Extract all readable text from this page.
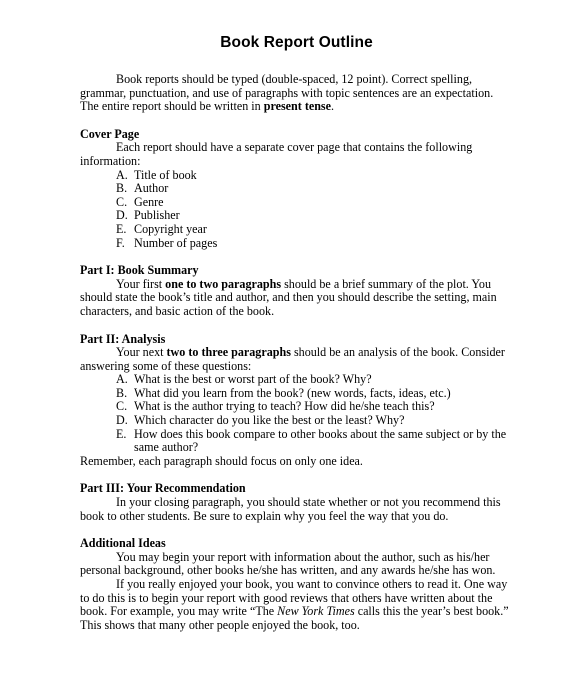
Book Report Outline

Book reports should be typed (double-spaced, 12 point). Correct spelling, grammar, punctuation, and use of paragraphs with topic sentences are an expectation. The entire report should be written in present tense.

Cover Page

Each report should have a separate cover page that contains the following information:

A. Title of book
B. Author
C. Genre
D. Publisher
E. Copyright year
F. Number of pages

Part I: Book Summary

Your first one to two paragraphs should be a brief summary of the plot. You should state the book’s title and author, and then you should describe the setting, main characters, and basic action of the book.

Part II: Analysis

Your next two to three paragraphs should be an analysis of the book. Consider answering some of these questions:

A. What is the best or worst part of the book? Why?
B. What did you learn from the book? (new words, facts, ideas, etc.)
C. What is the author trying to teach? How did he/she teach this?
D. Which character do you like the best or the least? Why?
E. How does this book compare to other books about the same subject or by the same author?

Remember, each paragraph should focus on only one idea.

Part III: Your Recommendation

In your closing paragraph, you should state whether or not you recommend this book to other students. Be sure to explain why you feel the way that you do.

Additional Ideas

You may begin your report with information about the author, such as his/her personal background, other books he/she has written, and any awards he/she has won.

If you really enjoyed your book, you want to convince others to read it. One way to do this is to begin your report with good reviews that others have written about the book. For example, you may write “The New York Times calls this the year’s best book.” This shows that many other people enjoyed the book, too.
